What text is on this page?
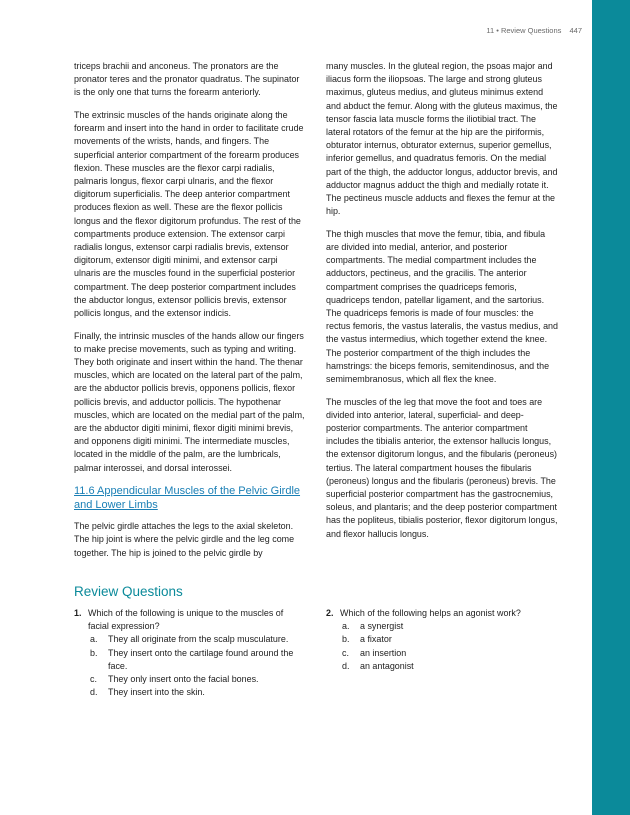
11 • Review Questions 447

triceps brachii and anconeus. The pronators are the pronator teres and the pronator quadratus. The supinator is the only one that turns the forearm anteriorly.

The extrinsic muscles of the hands originate along the forearm and insert into the hand in order to facilitate crude movements of the wrists, hands, and fingers. The superficial anterior compartment of the forearm produces flexion. These muscles are the flexor carpi radialis, palmaris longus, flexor carpi ulnaris, and the flexor digitorum superficialis. The deep anterior compartment produces flexion as well. These are the flexor pollicis longus and the flexor digitorum profundus. The rest of the compartments produce extension. The extensor carpi radialis longus, extensor carpi radialis brevis, extensor digitorum, extensor digiti minimi, and extensor carpi ulnaris are the muscles found in the superficial posterior compartment. The deep posterior compartment includes the abductor longus, extensor pollicis brevis, extensor pollicis longus, and the extensor indicis.

Finally, the intrinsic muscles of the hands allow our fingers to make precise movements, such as typing and writing. They both originate and insert within the hand. The thenar muscles, which are located on the lateral part of the palm, are the abductor pollicis brevis, opponens pollicis, flexor pollicis brevis, and adductor pollicis. The hypothenar muscles, which are located on the medial part of the palm, are the abductor digiti minimi, flexor digiti minimi brevis, and opponens digiti minimi. The intermediate muscles, located in the middle of the palm, are the lumbricals, palmar interossei, and dorsal interossei.

11.6 Appendicular Muscles of the Pelvic Girdle and Lower Limbs

The pelvic girdle attaches the legs to the axial skeleton. The hip joint is where the pelvic girdle and the leg come together. The hip is joined to the pelvic girdle by

many muscles. In the gluteal region, the psoas major and iliacus form the iliopsoas. The large and strong gluteus maximus, gluteus medius, and gluteus minimus extend and abduct the femur. Along with the gluteus maximus, the tensor fascia lata muscle forms the iliotibial tract. The lateral rotators of the femur at the hip are the piriformis, obturator internus, obturator externus, superior gemellus, inferior gemellus, and quadratus femoris. On the medial part of the thigh, the adductor longus, adductor brevis, and adductor magnus adduct the thigh and medially rotate it. The pectineus muscle adducts and flexes the femur at the hip.

The thigh muscles that move the femur, tibia, and fibula are divided into medial, anterior, and posterior compartments. The medial compartment includes the adductors, pectineus, and the gracilis. The anterior compartment comprises the quadriceps femoris, quadriceps tendon, patellar ligament, and the sartorius. The quadriceps femoris is made of four muscles: the rectus femoris, the vastus lateralis, the vastus medius, and the vastus intermedius, which together extend the knee. The posterior compartment of the thigh includes the hamstrings: the biceps femoris, semitendinosus, and the semimembranosus, which all flex the knee.

The muscles of the leg that move the foot and toes are divided into anterior, lateral, superficial- and deep-posterior compartments. The anterior compartment includes the tibialis anterior, the extensor hallucis longus, the extensor digitorum longus, and the fibularis (peroneus) tertius. The lateral compartment houses the fibularis (peroneus) longus and the fibularis (peroneus) brevis. The superficial posterior compartment has the gastrocnemius, soleus, and plantaris; and the deep posterior compartment has the popliteus, tibialis posterior, flexor digitorum longus, and flexor hallucis longus.

Review Questions
1. Which of the following is unique to the muscles of facial expression?
a.	They all originate from the scalp musculature.
b.	They insert onto the cartilage found around the face.
c.	They only insert onto the facial bones.
d.	They insert into the skin.
2. Which of the following helps an agonist work?
a.	a synergist
b.	a fixator
c.	an insertion
d.	an antagonist
